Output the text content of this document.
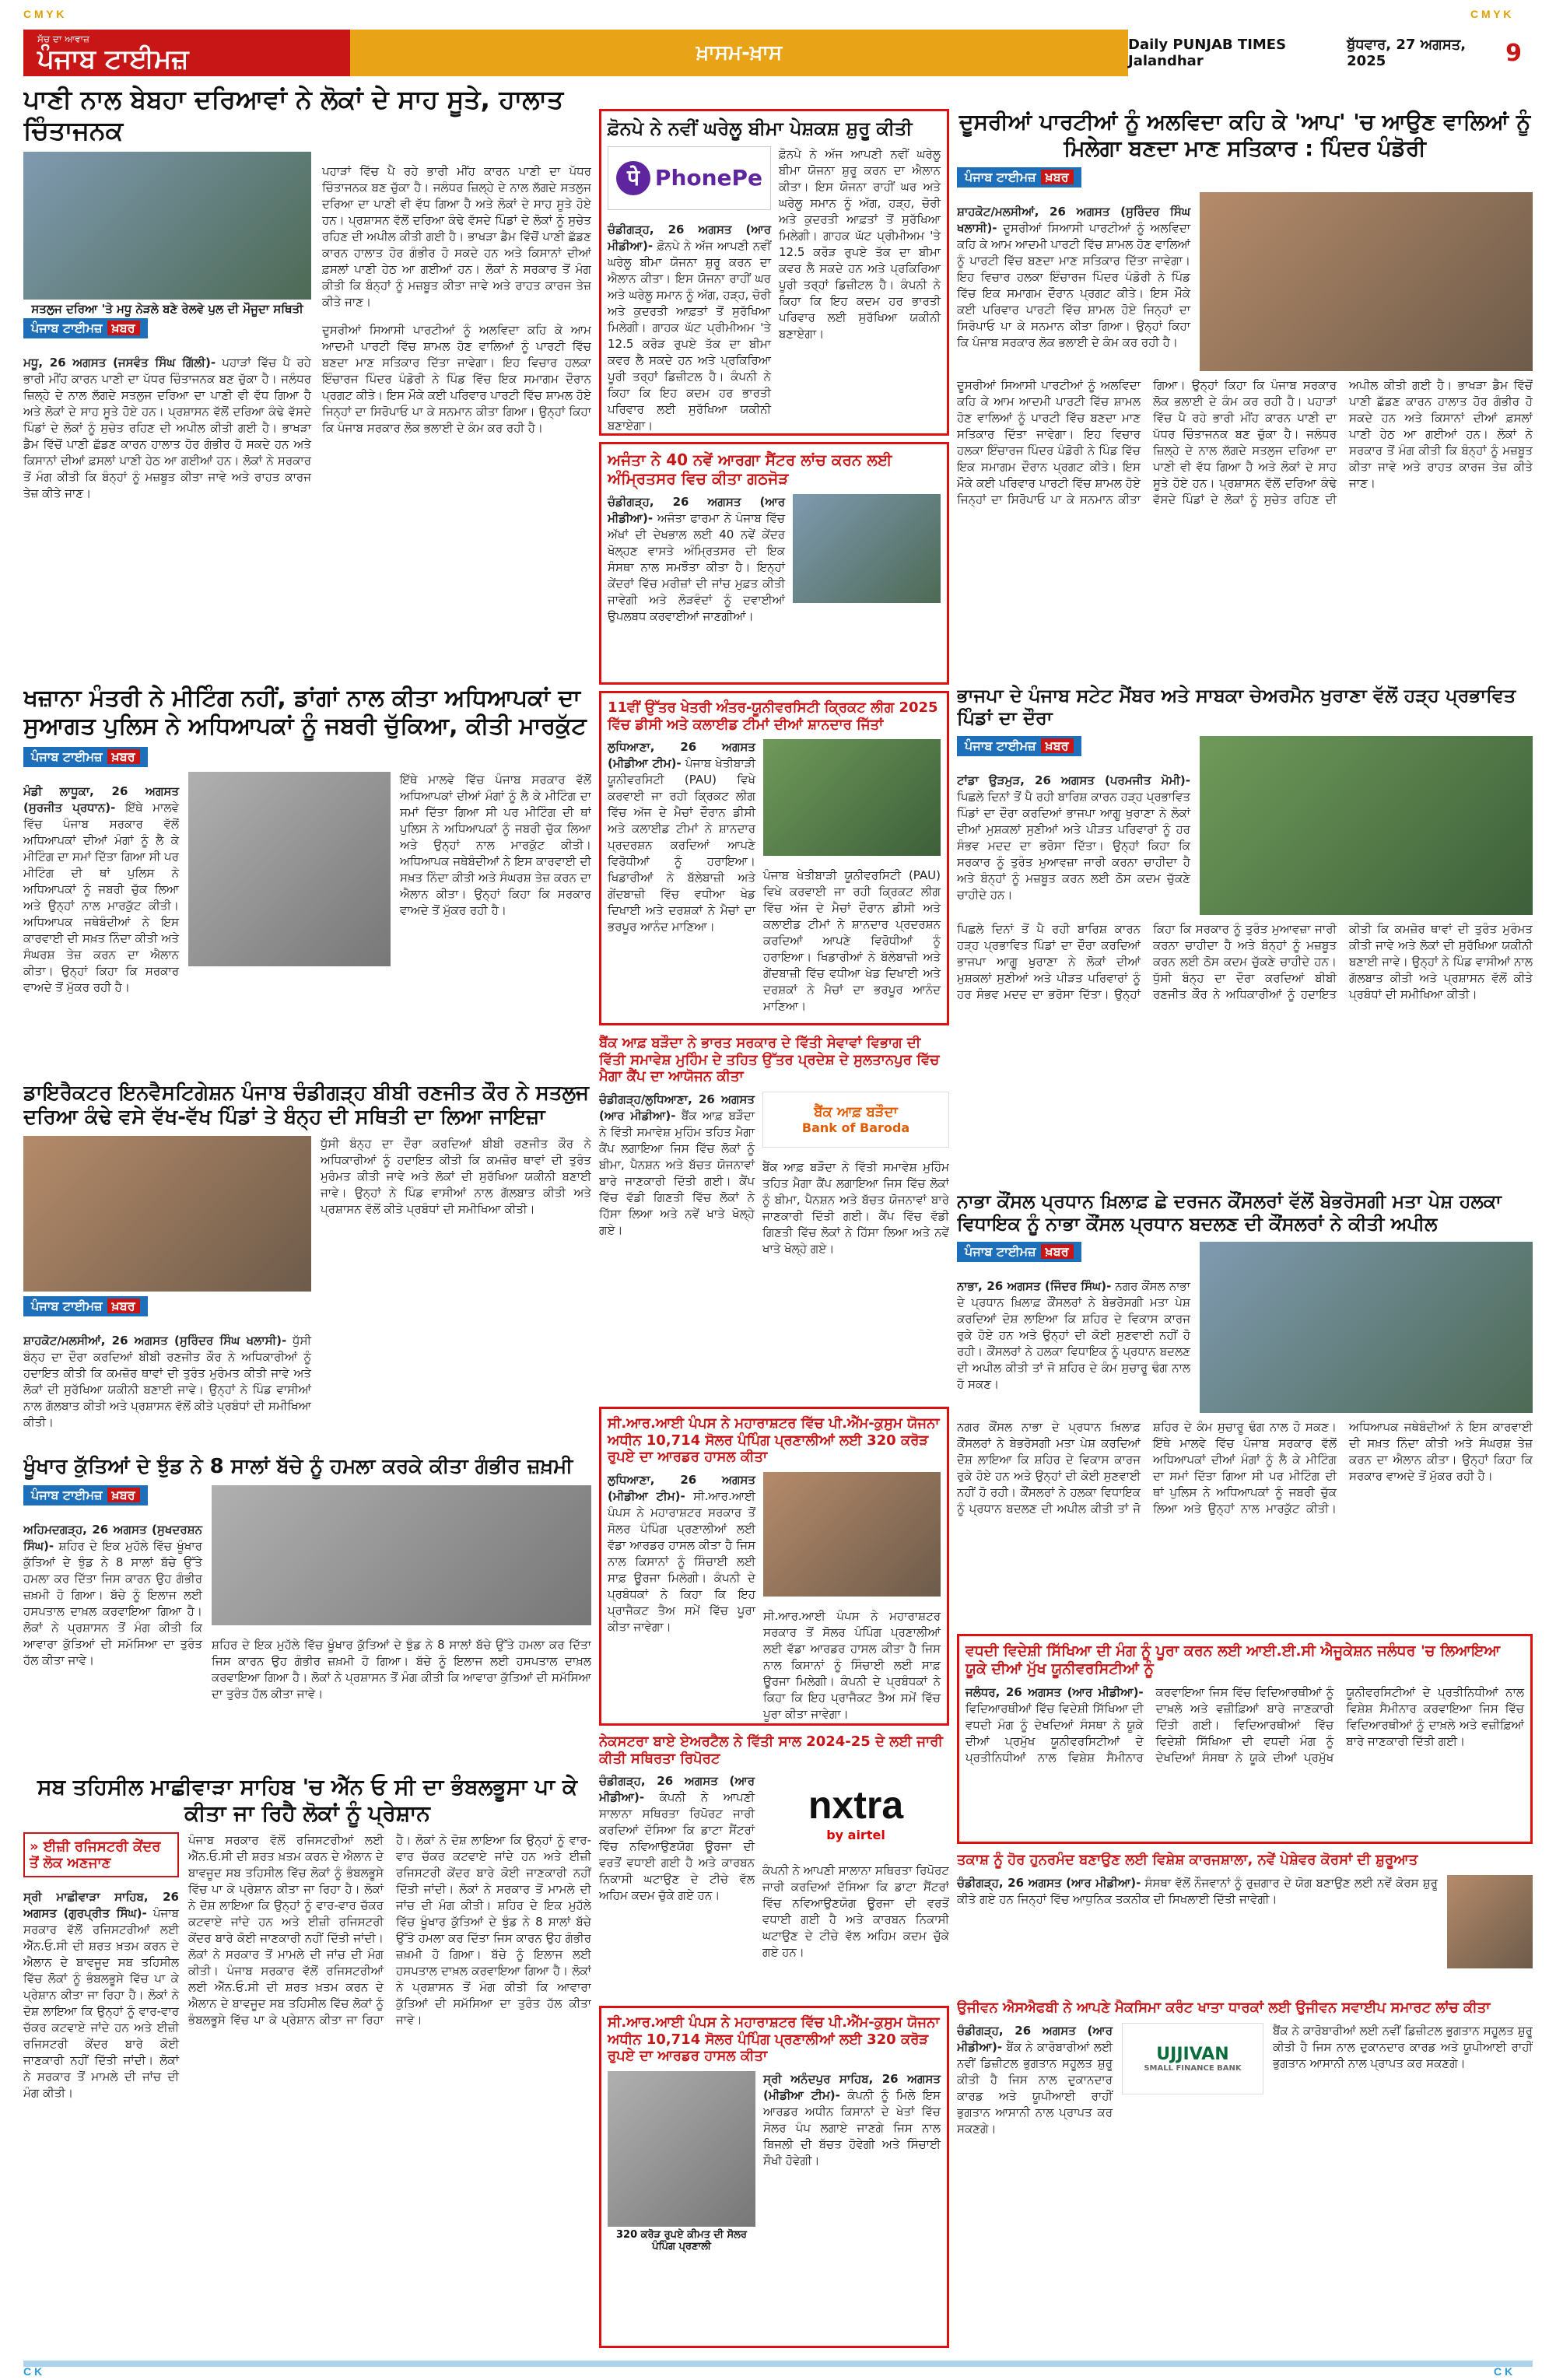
C M Y K	C M Y K
ਸੱਚ ਦਾ ਆਵਾਜ਼
ਪੰਜਾਬ ਟਾਈਮਜ਼	ਖ਼ਾਸਮ-ਖ਼ਾਸ	Daily PUNJAB TIMES Jalandhar

ਬੁੱਧਵਾਰ, 27 ਅਗਸਤ, 2025	9
ਪਾਣੀ ਨਾਲ ਬੇਬਹਾ ਦਰਿਆਵਾਂ ਨੇ ਲੋਕਾਂ ਦੇ ਸਾਹ ਸੂਤੇ, ਹਾਲਾਤ ਚਿੰਤਾਜਨਕ
ਸਤਲੁਜ ਦਰਿਆ 'ਤੇ ਮਧੂ ਨੇੜਲੇ ਬਣੇ ਰੇਲਵੇ ਪੁਲ ਦੀ ਮੌਜੂਦਾ ਸਥਿਤੀ
ਪੰਜਾਬ ਟਾਈਮਜ਼ ਖ਼ਬਰ

ਮਧੂ, 26 ਅਗਸਤ (ਜਸਵੰਤ ਸਿੰਘ ਗਿੱਲੀ)- ਪਹਾੜਾਂ ਵਿੱਚ ਪੈ ਰਹੇ ਭਾਰੀ ਮੀਂਹ ਕਾਰਨ ਪਾਣੀ ਦਾ ਪੱਧਰ ਚਿੰਤਾਜਨਕ ਬਣ ਚੁੱਕਾ ਹੈ। ਜਲੰਧਰ ਜ਼ਿਲ੍ਹੇ ਦੇ ਨਾਲ ਲੱਗਦੇ ਸਤਲੁਜ ਦਰਿਆ ਦਾ ਪਾਣੀ ਵੀ ਵੱਧ ਗਿਆ ਹੈ ਅਤੇ ਲੋਕਾਂ ਦੇ ਸਾਹ ਸੂਤੇ ਹੋਏ ਹਨ। ਪ੍ਰਸ਼ਾਸਨ ਵੱਲੋਂ ਦਰਿਆ ਕੰਢੇ ਵੱਸਦੇ ਪਿੰਡਾਂ ਦੇ ਲੋਕਾਂ ਨੂੰ ਸੁਚੇਤ ਰਹਿਣ ਦੀ ਅਪੀਲ ਕੀਤੀ ਗਈ ਹੈ। ਭਾਖੜਾ ਡੈਮ ਵਿੱਚੋਂ ਪਾਣੀ ਛੱਡਣ ਕਾਰਨ ਹਾਲਾਤ ਹੋਰ ਗੰਭੀਰ ਹੋ ਸਕਦੇ ਹਨ ਅਤੇ ਕਿਸਾਨਾਂ ਦੀਆਂ ਫ਼ਸਲਾਂ ਪਾਣੀ ਹੇਠ ਆ ਗਈਆਂ ਹਨ। ਲੋਕਾਂ ਨੇ ਸਰਕਾਰ ਤੋਂ ਮੰਗ ਕੀਤੀ ਕਿ ਬੰਨ੍ਹਾਂ ਨੂੰ ਮਜ਼ਬੂਤ ਕੀਤਾ ਜਾਵੇ ਅਤੇ ਰਾਹਤ ਕਾਰਜ ਤੇਜ਼ ਕੀਤੇ ਜਾਣ।

ਪਹਾੜਾਂ ਵਿੱਚ ਪੈ ਰਹੇ ਭਾਰੀ ਮੀਂਹ ਕਾਰਨ ਪਾਣੀ ਦਾ ਪੱਧਰ ਚਿੰਤਾਜਨਕ ਬਣ ਚੁੱਕਾ ਹੈ। ਜਲੰਧਰ ਜ਼ਿਲ੍ਹੇ ਦੇ ਨਾਲ ਲੱਗਦੇ ਸਤਲੁਜ ਦਰਿਆ ਦਾ ਪਾਣੀ ਵੀ ਵੱਧ ਗਿਆ ਹੈ ਅਤੇ ਲੋਕਾਂ ਦੇ ਸਾਹ ਸੂਤੇ ਹੋਏ ਹਨ। ਪ੍ਰਸ਼ਾਸਨ ਵੱਲੋਂ ਦਰਿਆ ਕੰਢੇ ਵੱਸਦੇ ਪਿੰਡਾਂ ਦੇ ਲੋਕਾਂ ਨੂੰ ਸੁਚੇਤ ਰਹਿਣ ਦੀ ਅਪੀਲ ਕੀਤੀ ਗਈ ਹੈ। ਭਾਖੜਾ ਡੈਮ ਵਿੱਚੋਂ ਪਾਣੀ ਛੱਡਣ ਕਾਰਨ ਹਾਲਾਤ ਹੋਰ ਗੰਭੀਰ ਹੋ ਸਕਦੇ ਹਨ ਅਤੇ ਕਿਸਾਨਾਂ ਦੀਆਂ ਫ਼ਸਲਾਂ ਪਾਣੀ ਹੇਠ ਆ ਗਈਆਂ ਹਨ। ਲੋਕਾਂ ਨੇ ਸਰਕਾਰ ਤੋਂ ਮੰਗ ਕੀਤੀ ਕਿ ਬੰਨ੍ਹਾਂ ਨੂੰ ਮਜ਼ਬੂਤ ਕੀਤਾ ਜਾਵੇ ਅਤੇ ਰਾਹਤ ਕਾਰਜ ਤੇਜ਼ ਕੀਤੇ ਜਾਣ।

ਦੂਸਰੀਆਂ ਸਿਆਸੀ ਪਾਰਟੀਆਂ ਨੂੰ ਅਲਵਿਦਾ ਕਹਿ ਕੇ ਆਮ ਆਦਮੀ ਪਾਰਟੀ ਵਿੱਚ ਸ਼ਾਮਲ ਹੋਣ ਵਾਲਿਆਂ ਨੂੰ ਪਾਰਟੀ ਵਿੱਚ ਬਣਦਾ ਮਾਣ ਸਤਿਕਾਰ ਦਿੱਤਾ ਜਾਵੇਗਾ। ਇਹ ਵਿਚਾਰ ਹਲਕਾ ਇੰਚਾਰਜ ਪਿੰਦਰ ਪੰਡੋਰੀ ਨੇ ਪਿੰਡ ਵਿੱਚ ਇਕ ਸਮਾਗਮ ਦੌਰਾਨ ਪ੍ਰਗਟ ਕੀਤੇ। ਇਸ ਮੌਕੇ ਕਈ ਪਰਿਵਾਰ ਪਾਰਟੀ ਵਿੱਚ ਸ਼ਾਮਲ ਹੋਏ ਜਿਨ੍ਹਾਂ ਦਾ ਸਿਰੋਪਾਓ ਪਾ ਕੇ ਸਨਮਾਨ ਕੀਤਾ ਗਿਆ। ਉਨ੍ਹਾਂ ਕਿਹਾ ਕਿ ਪੰਜਾਬ ਸਰਕਾਰ ਲੋਕ ਭਲਾਈ ਦੇ ਕੰਮ ਕਰ ਰਹੀ ਹੈ।

ਫ਼ੋਨਪੇ ਨੇ ਨਵੀਂ ਘਰੇਲੂ ਬੀਮਾ ਪੇਸ਼ਕਸ਼ ਸ਼ੁਰੂ ਕੀਤੀ
पे PhonePe

ਚੰਡੀਗੜ੍ਹ, 26 ਅਗਸਤ (ਆਰ ਮੀਡੀਆ)- ਫ਼ੋਨਪੇ ਨੇ ਅੱਜ ਆਪਣੀ ਨਵੀਂ ਘਰੇਲੂ ਬੀਮਾ ਯੋਜਨਾ ਸ਼ੁਰੂ ਕਰਨ ਦਾ ਐਲਾਨ ਕੀਤਾ। ਇਸ ਯੋਜਨਾ ਰਾਹੀਂ ਘਰ ਅਤੇ ਘਰੇਲੂ ਸਮਾਨ ਨੂੰ ਅੱਗ, ਹੜ੍ਹ, ਚੋਰੀ ਅਤੇ ਕੁਦਰਤੀ ਆਫ਼ਤਾਂ ਤੋਂ ਸੁਰੱਖਿਆ ਮਿਲੇਗੀ। ਗਾਹਕ ਘੱਟ ਪ੍ਰੀਮੀਅਮ 'ਤੇ 12.5 ਕਰੋੜ ਰੁਪਏ ਤੱਕ ਦਾ ਬੀਮਾ ਕਵਰ ਲੈ ਸਕਦੇ ਹਨ ਅਤੇ ਪ੍ਰਕਿਰਿਆ ਪੂਰੀ ਤਰ੍ਹਾਂ ਡਿਜ਼ੀਟਲ ਹੈ। ਕੰਪਨੀ ਨੇ ਕਿਹਾ ਕਿ ਇਹ ਕਦਮ ਹਰ ਭਾਰਤੀ ਪਰਿਵਾਰ ਲਈ ਸੁਰੱਖਿਆ ਯਕੀਨੀ ਬਣਾਏਗਾ।

ਫ਼ੋਨਪੇ ਨੇ ਅੱਜ ਆਪਣੀ ਨਵੀਂ ਘਰੇਲੂ ਬੀਮਾ ਯੋਜਨਾ ਸ਼ੁਰੂ ਕਰਨ ਦਾ ਐਲਾਨ ਕੀਤਾ। ਇਸ ਯੋਜਨਾ ਰਾਹੀਂ ਘਰ ਅਤੇ ਘਰੇਲੂ ਸਮਾਨ ਨੂੰ ਅੱਗ, ਹੜ੍ਹ, ਚੋਰੀ ਅਤੇ ਕੁਦਰਤੀ ਆਫ਼ਤਾਂ ਤੋਂ ਸੁਰੱਖਿਆ ਮਿਲੇਗੀ। ਗਾਹਕ ਘੱਟ ਪ੍ਰੀਮੀਅਮ 'ਤੇ 12.5 ਕਰੋੜ ਰੁਪਏ ਤੱਕ ਦਾ ਬੀਮਾ ਕਵਰ ਲੈ ਸਕਦੇ ਹਨ ਅਤੇ ਪ੍ਰਕਿਰਿਆ ਪੂਰੀ ਤਰ੍ਹਾਂ ਡਿਜ਼ੀਟਲ ਹੈ। ਕੰਪਨੀ ਨੇ ਕਿਹਾ ਕਿ ਇਹ ਕਦਮ ਹਰ ਭਾਰਤੀ ਪਰਿਵਾਰ ਲਈ ਸੁਰੱਖਿਆ ਯਕੀਨੀ ਬਣਾਏਗਾ।

ਦੂਸਰੀਆਂ ਪਾਰਟੀਆਂ ਨੂੰ ਅਲਵਿਦਾ ਕਹਿ ਕੇ 'ਆਪ' 'ਚ ਆਉਣ ਵਾਲਿਆਂ ਨੂੰ ਮਿਲੇਗਾ ਬਣਦਾ ਮਾਣ ਸਤਿਕਾਰ : ਪਿੰਦਰ ਪੰਡੋਰੀ
ਪੰਜਾਬ ਟਾਈਮਜ਼ ਖ਼ਬਰ

ਸ਼ਾਹਕੋਟ/ਮਲਸੀਆਂ, 26 ਅਗਸਤ (ਸੁਰਿੰਦਰ ਸਿੰਘ ਖਲਾਸੀ)- ਦੂਸਰੀਆਂ ਸਿਆਸੀ ਪਾਰਟੀਆਂ ਨੂੰ ਅਲਵਿਦਾ ਕਹਿ ਕੇ ਆਮ ਆਦਮੀ ਪਾਰਟੀ ਵਿੱਚ ਸ਼ਾਮਲ ਹੋਣ ਵਾਲਿਆਂ ਨੂੰ ਪਾਰਟੀ ਵਿੱਚ ਬਣਦਾ ਮਾਣ ਸਤਿਕਾਰ ਦਿੱਤਾ ਜਾਵੇਗਾ। ਇਹ ਵਿਚਾਰ ਹਲਕਾ ਇੰਚਾਰਜ ਪਿੰਦਰ ਪੰਡੋਰੀ ਨੇ ਪਿੰਡ ਵਿੱਚ ਇਕ ਸਮਾਗਮ ਦੌਰਾਨ ਪ੍ਰਗਟ ਕੀਤੇ। ਇਸ ਮੌਕੇ ਕਈ ਪਰਿਵਾਰ ਪਾਰਟੀ ਵਿੱਚ ਸ਼ਾਮਲ ਹੋਏ ਜਿਨ੍ਹਾਂ ਦਾ ਸਿਰੋਪਾਓ ਪਾ ਕੇ ਸਨਮਾਨ ਕੀਤਾ ਗਿਆ। ਉਨ੍ਹਾਂ ਕਿਹਾ ਕਿ ਪੰਜਾਬ ਸਰਕਾਰ ਲੋਕ ਭਲਾਈ ਦੇ ਕੰਮ ਕਰ ਰਹੀ ਹੈ।

ਦੂਸਰੀਆਂ ਸਿਆਸੀ ਪਾਰਟੀਆਂ ਨੂੰ ਅਲਵਿਦਾ ਕਹਿ ਕੇ ਆਮ ਆਦਮੀ ਪਾਰਟੀ ਵਿੱਚ ਸ਼ਾਮਲ ਹੋਣ ਵਾਲਿਆਂ ਨੂੰ ਪਾਰਟੀ ਵਿੱਚ ਬਣਦਾ ਮਾਣ ਸਤਿਕਾਰ ਦਿੱਤਾ ਜਾਵੇਗਾ। ਇਹ ਵਿਚਾਰ ਹਲਕਾ ਇੰਚਾਰਜ ਪਿੰਦਰ ਪੰਡੋਰੀ ਨੇ ਪਿੰਡ ਵਿੱਚ ਇਕ ਸਮਾਗਮ ਦੌਰਾਨ ਪ੍ਰਗਟ ਕੀਤੇ। ਇਸ ਮੌਕੇ ਕਈ ਪਰਿਵਾਰ ਪਾਰਟੀ ਵਿੱਚ ਸ਼ਾਮਲ ਹੋਏ ਜਿਨ੍ਹਾਂ ਦਾ ਸਿਰੋਪਾਓ ਪਾ ਕੇ ਸਨਮਾਨ ਕੀਤਾ ਗਿਆ। ਉਨ੍ਹਾਂ ਕਿਹਾ ਕਿ ਪੰਜਾਬ ਸਰਕਾਰ ਲੋਕ ਭਲਾਈ ਦੇ ਕੰਮ ਕਰ ਰਹੀ ਹੈ। ਪਹਾੜਾਂ ਵਿੱਚ ਪੈ ਰਹੇ ਭਾਰੀ ਮੀਂਹ ਕਾਰਨ ਪਾਣੀ ਦਾ ਪੱਧਰ ਚਿੰਤਾਜਨਕ ਬਣ ਚੁੱਕਾ ਹੈ। ਜਲੰਧਰ ਜ਼ਿਲ੍ਹੇ ਦੇ ਨਾਲ ਲੱਗਦੇ ਸਤਲੁਜ ਦਰਿਆ ਦਾ ਪਾਣੀ ਵੀ ਵੱਧ ਗਿਆ ਹੈ ਅਤੇ ਲੋਕਾਂ ਦੇ ਸਾਹ ਸੂਤੇ ਹੋਏ ਹਨ। ਪ੍ਰਸ਼ਾਸਨ ਵੱਲੋਂ ਦਰਿਆ ਕੰਢੇ ਵੱਸਦੇ ਪਿੰਡਾਂ ਦੇ ਲੋਕਾਂ ਨੂੰ ਸੁਚੇਤ ਰਹਿਣ ਦੀ ਅਪੀਲ ਕੀਤੀ ਗਈ ਹੈ। ਭਾਖੜਾ ਡੈਮ ਵਿੱਚੋਂ ਪਾਣੀ ਛੱਡਣ ਕਾਰਨ ਹਾਲਾਤ ਹੋਰ ਗੰਭੀਰ ਹੋ ਸਕਦੇ ਹਨ ਅਤੇ ਕਿਸਾਨਾਂ ਦੀਆਂ ਫ਼ਸਲਾਂ ਪਾਣੀ ਹੇਠ ਆ ਗਈਆਂ ਹਨ। ਲੋਕਾਂ ਨੇ ਸਰਕਾਰ ਤੋਂ ਮੰਗ ਕੀਤੀ ਕਿ ਬੰਨ੍ਹਾਂ ਨੂੰ ਮਜ਼ਬੂਤ ਕੀਤਾ ਜਾਵੇ ਅਤੇ ਰਾਹਤ ਕਾਰਜ ਤੇਜ਼ ਕੀਤੇ ਜਾਣ।
ਅਜੰਤਾ ਨੇ 40 ਨਵੇਂ ਆਰਗਾ ਸੈਂਟਰ ਲਾਂਚ ਕਰਨ ਲਈ ਅੰਮ੍ਰਿਤਸਰ ਵਿਚ ਕੀਤਾ ਗਠਜੋੜ

ਚੰਡੀਗੜ੍ਹ, 26 ਅਗਸਤ (ਆਰ ਮੀਡੀਆ)- ਅਜੰਤਾ ਫਾਰਮਾ ਨੇ ਪੰਜਾਬ ਵਿੱਚ ਅੱਖਾਂ ਦੀ ਦੇਖਭਾਲ ਲਈ 40 ਨਵੇਂ ਕੇਂਦਰ ਖੋਲ੍ਹਣ ਵਾਸਤੇ ਅੰਮ੍ਰਿਤਸਰ ਦੀ ਇਕ ਸੰਸਥਾ ਨਾਲ ਸਮਝੌਤਾ ਕੀਤਾ ਹੈ। ਇਨ੍ਹਾਂ ਕੇਂਦਰਾਂ ਵਿੱਚ ਮਰੀਜ਼ਾਂ ਦੀ ਜਾਂਚ ਮੁਫ਼ਤ ਕੀਤੀ ਜਾਵੇਗੀ ਅਤੇ ਲੋੜਵੰਦਾਂ ਨੂੰ ਦਵਾਈਆਂ ਉਪਲਬਧ ਕਰਵਾਈਆਂ ਜਾਣਗੀਆਂ।

ਖਜ਼ਾਨਾ ਮੰਤਰੀ ਨੇ ਮੀਟਿੰਗ ਨਹੀਂ, ਡਾਂਗਾਂ ਨਾਲ ਕੀਤਾ ਅਧਿਆਪਕਾਂ ਦਾ ਸੁਆਗਤ ਪੁਲਿਸ ਨੇ ਅਧਿਆਪਕਾਂ ਨੂੰ ਜਬਰੀ ਚੁੱਕਿਆ, ਕੀਤੀ ਮਾਰਕੁੱਟ
ਪੰਜਾਬ ਟਾਈਮਜ਼ ਖ਼ਬਰ

ਮੰਡੀ ਲਾਧੂਕਾ, 26 ਅਗਸਤ (ਸੁਰਜੀਤ ਪ੍ਰਧਾਨ)- ਇੱਥੇ ਮਾਲਵੇ ਵਿੱਚ ਪੰਜਾਬ ਸਰਕਾਰ ਵੱਲੋਂ ਅਧਿਆਪਕਾਂ ਦੀਆਂ ਮੰਗਾਂ ਨੂੰ ਲੈ ਕੇ ਮੀਟਿੰਗ ਦਾ ਸਮਾਂ ਦਿੱਤਾ ਗਿਆ ਸੀ ਪਰ ਮੀਟਿੰਗ ਦੀ ਥਾਂ ਪੁਲਿਸ ਨੇ ਅਧਿਆਪਕਾਂ ਨੂੰ ਜਬਰੀ ਚੁੱਕ ਲਿਆ ਅਤੇ ਉਨ੍ਹਾਂ ਨਾਲ ਮਾਰਕੁੱਟ ਕੀਤੀ। ਅਧਿਆਪਕ ਜਥੇਬੰਦੀਆਂ ਨੇ ਇਸ ਕਾਰਵਾਈ ਦੀ ਸਖ਼ਤ ਨਿੰਦਾ ਕੀਤੀ ਅਤੇ ਸੰਘਰਸ਼ ਤੇਜ਼ ਕਰਨ ਦਾ ਐਲਾਨ ਕੀਤਾ। ਉਨ੍ਹਾਂ ਕਿਹਾ ਕਿ ਸਰਕਾਰ ਵਾਅਦੇ ਤੋਂ ਮੁੱਕਰ ਰਹੀ ਹੈ।

ਇੱਥੇ ਮਾਲਵੇ ਵਿੱਚ ਪੰਜਾਬ ਸਰਕਾਰ ਵੱਲੋਂ ਅਧਿਆਪਕਾਂ ਦੀਆਂ ਮੰਗਾਂ ਨੂੰ ਲੈ ਕੇ ਮੀਟਿੰਗ ਦਾ ਸਮਾਂ ਦਿੱਤਾ ਗਿਆ ਸੀ ਪਰ ਮੀਟਿੰਗ ਦੀ ਥਾਂ ਪੁਲਿਸ ਨੇ ਅਧਿਆਪਕਾਂ ਨੂੰ ਜਬਰੀ ਚੁੱਕ ਲਿਆ ਅਤੇ ਉਨ੍ਹਾਂ ਨਾਲ ਮਾਰਕੁੱਟ ਕੀਤੀ। ਅਧਿਆਪਕ ਜਥੇਬੰਦੀਆਂ ਨੇ ਇਸ ਕਾਰਵਾਈ ਦੀ ਸਖ਼ਤ ਨਿੰਦਾ ਕੀਤੀ ਅਤੇ ਸੰਘਰਸ਼ ਤੇਜ਼ ਕਰਨ ਦਾ ਐਲਾਨ ਕੀਤਾ। ਉਨ੍ਹਾਂ ਕਿਹਾ ਕਿ ਸਰਕਾਰ ਵਾਅਦੇ ਤੋਂ ਮੁੱਕਰ ਰਹੀ ਹੈ।

11ਵੀਂ ਉੱਤਰ ਖੇਤਰੀ ਅੰਤਰ-ਯੂਨੀਵਰਸਿਟੀ ਕ੍ਰਿਕਟ ਲੀਗ 2025 ਵਿੱਚ ਡੀਸੀ ਅਤੇ ਕਲਾਈਡ ਟੀਮਾਂ ਦੀਆਂ ਸ਼ਾਨਦਾਰ ਜਿੱਤਾਂ

ਲੁਧਿਆਣਾ, 26 ਅਗਸਤ (ਮੀਡੀਆ ਟੀਮ)- ਪੰਜਾਬ ਖੇਤੀਬਾੜੀ ਯੂਨੀਵਰਸਿਟੀ (PAU) ਵਿਖੇ ਕਰਵਾਈ ਜਾ ਰਹੀ ਕ੍ਰਿਕਟ ਲੀਗ ਵਿੱਚ ਅੱਜ ਦੇ ਮੈਚਾਂ ਦੌਰਾਨ ਡੀਸੀ ਅਤੇ ਕਲਾਈਡ ਟੀਮਾਂ ਨੇ ਸ਼ਾਨਦਾਰ ਪ੍ਰਦਰਸ਼ਨ ਕਰਦਿਆਂ ਆਪਣੇ ਵਿਰੋਧੀਆਂ ਨੂੰ ਹਰਾਇਆ। ਖਿਡਾਰੀਆਂ ਨੇ ਬੱਲੇਬਾਜ਼ੀ ਅਤੇ ਗੇਂਦਬਾਜ਼ੀ ਵਿੱਚ ਵਧੀਆ ਖੇਡ ਦਿਖਾਈ ਅਤੇ ਦਰਸ਼ਕਾਂ ਨੇ ਮੈਚਾਂ ਦਾ ਭਰਪੂਰ ਆਨੰਦ ਮਾਣਿਆ।

ਪੰਜਾਬ ਖੇਤੀਬਾੜੀ ਯੂਨੀਵਰਸਿਟੀ (PAU) ਵਿਖੇ ਕਰਵਾਈ ਜਾ ਰਹੀ ਕ੍ਰਿਕਟ ਲੀਗ ਵਿੱਚ ਅੱਜ ਦੇ ਮੈਚਾਂ ਦੌਰਾਨ ਡੀਸੀ ਅਤੇ ਕਲਾਈਡ ਟੀਮਾਂ ਨੇ ਸ਼ਾਨਦਾਰ ਪ੍ਰਦਰਸ਼ਨ ਕਰਦਿਆਂ ਆਪਣੇ ਵਿਰੋਧੀਆਂ ਨੂੰ ਹਰਾਇਆ। ਖਿਡਾਰੀਆਂ ਨੇ ਬੱਲੇਬਾਜ਼ੀ ਅਤੇ ਗੇਂਦਬਾਜ਼ੀ ਵਿੱਚ ਵਧੀਆ ਖੇਡ ਦਿਖਾਈ ਅਤੇ ਦਰਸ਼ਕਾਂ ਨੇ ਮੈਚਾਂ ਦਾ ਭਰਪੂਰ ਆਨੰਦ ਮਾਣਿਆ।

ਭਾਜਪਾ ਦੇ ਪੰਜਾਬ ਸਟੇਟ ਮੈਂਬਰ ਅਤੇ ਸਾਬਕਾ ਚੇਅਰਮੈਨ ਖੁਰਾਣਾ ਵੱਲੋਂ ਹੜ੍ਹ ਪ੍ਰਭਾਵਿਤ ਪਿੰਡਾਂ ਦਾ ਦੌਰਾ
ਪੰਜਾਬ ਟਾਈਮਜ਼ ਖ਼ਬਰ

ਟਾਂਡਾ ਉੜਮੁੜ, 26 ਅਗਸਤ (ਪਰਮਜੀਤ ਮੋਮੀ)- ਪਿਛਲੇ ਦਿਨਾਂ ਤੋਂ ਪੈ ਰਹੀ ਬਾਰਿਸ਼ ਕਾਰਨ ਹੜ੍ਹ ਪ੍ਰਭਾਵਿਤ ਪਿੰਡਾਂ ਦਾ ਦੌਰਾ ਕਰਦਿਆਂ ਭਾਜਪਾ ਆਗੂ ਖੁਰਾਣਾ ਨੇ ਲੋਕਾਂ ਦੀਆਂ ਮੁਸ਼ਕਲਾਂ ਸੁਣੀਆਂ ਅਤੇ ਪੀੜਤ ਪਰਿਵਾਰਾਂ ਨੂੰ ਹਰ ਸੰਭਵ ਮਦਦ ਦਾ ਭਰੋਸਾ ਦਿੱਤਾ। ਉਨ੍ਹਾਂ ਕਿਹਾ ਕਿ ਸਰਕਾਰ ਨੂੰ ਤੁਰੰਤ ਮੁਆਵਜ਼ਾ ਜਾਰੀ ਕਰਨਾ ਚਾਹੀਦਾ ਹੈ ਅਤੇ ਬੰਨ੍ਹਾਂ ਨੂੰ ਮਜ਼ਬੂਤ ਕਰਨ ਲਈ ਠੋਸ ਕਦਮ ਚੁੱਕਣੇ ਚਾਹੀਦੇ ਹਨ।

ਪਿਛਲੇ ਦਿਨਾਂ ਤੋਂ ਪੈ ਰਹੀ ਬਾਰਿਸ਼ ਕਾਰਨ ਹੜ੍ਹ ਪ੍ਰਭਾਵਿਤ ਪਿੰਡਾਂ ਦਾ ਦੌਰਾ ਕਰਦਿਆਂ ਭਾਜਪਾ ਆਗੂ ਖੁਰਾਣਾ ਨੇ ਲੋਕਾਂ ਦੀਆਂ ਮੁਸ਼ਕਲਾਂ ਸੁਣੀਆਂ ਅਤੇ ਪੀੜਤ ਪਰਿਵਾਰਾਂ ਨੂੰ ਹਰ ਸੰਭਵ ਮਦਦ ਦਾ ਭਰੋਸਾ ਦਿੱਤਾ। ਉਨ੍ਹਾਂ ਕਿਹਾ ਕਿ ਸਰਕਾਰ ਨੂੰ ਤੁਰੰਤ ਮੁਆਵਜ਼ਾ ਜਾਰੀ ਕਰਨਾ ਚਾਹੀਦਾ ਹੈ ਅਤੇ ਬੰਨ੍ਹਾਂ ਨੂੰ ਮਜ਼ਬੂਤ ਕਰਨ ਲਈ ਠੋਸ ਕਦਮ ਚੁੱਕਣੇ ਚਾਹੀਦੇ ਹਨ। ਧੁੱਸੀ ਬੰਨ੍ਹ ਦਾ ਦੌਰਾ ਕਰਦਿਆਂ ਬੀਬੀ ਰਣਜੀਤ ਕੌਰ ਨੇ ਅਧਿਕਾਰੀਆਂ ਨੂੰ ਹਦਾਇਤ ਕੀਤੀ ਕਿ ਕਮਜ਼ੋਰ ਥਾਵਾਂ ਦੀ ਤੁਰੰਤ ਮੁਰੰਮਤ ਕੀਤੀ ਜਾਵੇ ਅਤੇ ਲੋਕਾਂ ਦੀ ਸੁਰੱਖਿਆ ਯਕੀਨੀ ਬਣਾਈ ਜਾਵੇ। ਉਨ੍ਹਾਂ ਨੇ ਪਿੰਡ ਵਾਸੀਆਂ ਨਾਲ ਗੱਲਬਾਤ ਕੀਤੀ ਅਤੇ ਪ੍ਰਸ਼ਾਸਨ ਵੱਲੋਂ ਕੀਤੇ ਪ੍ਰਬੰਧਾਂ ਦੀ ਸਮੀਖਿਆ ਕੀਤੀ।
ਡਾਇਰੈਕਟਰ ਇਨਵੈਸਟਿਗੇਸ਼ਨ ਪੰਜਾਬ ਚੰਡੀਗੜ੍ਹ ਬੀਬੀ ਰਣਜੀਤ ਕੌਰ ਨੇ ਸਤਲੁਜ ਦਰਿਆ ਕੰਢੇ ਵਸੇ ਵੱਖ-ਵੱਖ ਪਿੰਡਾਂ ਤੇ ਬੰਨ੍ਹ ਦੀ ਸਥਿਤੀ ਦਾ ਲਿਆ ਜਾਇਜ਼ਾ
ਪੰਜਾਬ ਟਾਈਮਜ਼ ਖ਼ਬਰ

ਸ਼ਾਹਕੋਟ/ਮਲਸੀਆਂ, 26 ਅਗਸਤ (ਸੁਰਿੰਦਰ ਸਿੰਘ ਖਲਾਸੀ)- ਧੁੱਸੀ ਬੰਨ੍ਹ ਦਾ ਦੌਰਾ ਕਰਦਿਆਂ ਬੀਬੀ ਰਣਜੀਤ ਕੌਰ ਨੇ ਅਧਿਕਾਰੀਆਂ ਨੂੰ ਹਦਾਇਤ ਕੀਤੀ ਕਿ ਕਮਜ਼ੋਰ ਥਾਵਾਂ ਦੀ ਤੁਰੰਤ ਮੁਰੰਮਤ ਕੀਤੀ ਜਾਵੇ ਅਤੇ ਲੋਕਾਂ ਦੀ ਸੁਰੱਖਿਆ ਯਕੀਨੀ ਬਣਾਈ ਜਾਵੇ। ਉਨ੍ਹਾਂ ਨੇ ਪਿੰਡ ਵਾਸੀਆਂ ਨਾਲ ਗੱਲਬਾਤ ਕੀਤੀ ਅਤੇ ਪ੍ਰਸ਼ਾਸਨ ਵੱਲੋਂ ਕੀਤੇ ਪ੍ਰਬੰਧਾਂ ਦੀ ਸਮੀਖਿਆ ਕੀਤੀ।

ਧੁੱਸੀ ਬੰਨ੍ਹ ਦਾ ਦੌਰਾ ਕਰਦਿਆਂ ਬੀਬੀ ਰਣਜੀਤ ਕੌਰ ਨੇ ਅਧਿਕਾਰੀਆਂ ਨੂੰ ਹਦਾਇਤ ਕੀਤੀ ਕਿ ਕਮਜ਼ੋਰ ਥਾਵਾਂ ਦੀ ਤੁਰੰਤ ਮੁਰੰਮਤ ਕੀਤੀ ਜਾਵੇ ਅਤੇ ਲੋਕਾਂ ਦੀ ਸੁਰੱਖਿਆ ਯਕੀਨੀ ਬਣਾਈ ਜਾਵੇ। ਉਨ੍ਹਾਂ ਨੇ ਪਿੰਡ ਵਾਸੀਆਂ ਨਾਲ ਗੱਲਬਾਤ ਕੀਤੀ ਅਤੇ ਪ੍ਰਸ਼ਾਸਨ ਵੱਲੋਂ ਕੀਤੇ ਪ੍ਰਬੰਧਾਂ ਦੀ ਸਮੀਖਿਆ ਕੀਤੀ।

ਬੈਂਕ ਆਫ਼ ਬੜੌਦਾ ਨੇ ਭਾਰਤ ਸਰਕਾਰ ਦੇ ਵਿੱਤੀ ਸੇਵਾਵਾਂ ਵਿਭਾਗ ਦੀ ਵਿੱਤੀ ਸਮਾਵੇਸ਼ ਮੁਹਿੰਮ ਦੇ ਤਹਿਤ ਉੱਤਰ ਪ੍ਰਦੇਸ਼ ਦੇ ਸੁਲਤਾਨਪੁਰ ਵਿੱਚ ਮੈਗਾ ਕੈਂਪ ਦਾ ਆਯੋਜਨ ਕੀਤਾ

ਚੰਡੀਗੜ੍ਹ/ਲੁਧਿਆਣਾ, 26 ਅਗਸਤ (ਆਰ ਮੀਡੀਆ)- ਬੈਂਕ ਆਫ਼ ਬੜੌਦਾ ਨੇ ਵਿੱਤੀ ਸਮਾਵੇਸ਼ ਮੁਹਿੰਮ ਤਹਿਤ ਮੈਗਾ ਕੈਂਪ ਲਗਾਇਆ ਜਿਸ ਵਿੱਚ ਲੋਕਾਂ ਨੂੰ ਬੀਮਾ, ਪੈਨਸ਼ਨ ਅਤੇ ਬੱਚਤ ਯੋਜਨਾਵਾਂ ਬਾਰੇ ਜਾਣਕਾਰੀ ਦਿੱਤੀ ਗਈ। ਕੈਂਪ ਵਿੱਚ ਵੱਡੀ ਗਿਣਤੀ ਵਿੱਚ ਲੋਕਾਂ ਨੇ ਹਿੱਸਾ ਲਿਆ ਅਤੇ ਨਵੇਂ ਖਾਤੇ ਖੋਲ੍ਹੇ ਗਏ।

ਬੈਂਕ ਆਫ਼ ਬੜੌਦਾ
Bank of Baroda

ਬੈਂਕ ਆਫ਼ ਬੜੌਦਾ ਨੇ ਵਿੱਤੀ ਸਮਾਵੇਸ਼ ਮੁਹਿੰਮ ਤਹਿਤ ਮੈਗਾ ਕੈਂਪ ਲਗਾਇਆ ਜਿਸ ਵਿੱਚ ਲੋਕਾਂ ਨੂੰ ਬੀਮਾ, ਪੈਨਸ਼ਨ ਅਤੇ ਬੱਚਤ ਯੋਜਨਾਵਾਂ ਬਾਰੇ ਜਾਣਕਾਰੀ ਦਿੱਤੀ ਗਈ। ਕੈਂਪ ਵਿੱਚ ਵੱਡੀ ਗਿਣਤੀ ਵਿੱਚ ਲੋਕਾਂ ਨੇ ਹਿੱਸਾ ਲਿਆ ਅਤੇ ਨਵੇਂ ਖਾਤੇ ਖੋਲ੍ਹੇ ਗਏ।

ਸੀ.ਆਰ.ਆਈ ਪੰਪਸ ਨੇ ਮਹਾਰਾਸ਼ਟਰ ਵਿੱਚ ਪੀ.ਐੱਮ-ਕੁਸੁਮ ਯੋਜਨਾ ਅਧੀਨ 10,714 ਸੋਲਰ ਪੰਪਿੰਗ ਪ੍ਰਣਾਲੀਆਂ ਲਈ 320 ਕਰੋੜ ਰੁਪਏ ਦਾ ਆਰਡਰ ਹਾਸਲ ਕੀਤਾ

ਲੁਧਿਆਣਾ, 26 ਅਗਸਤ (ਮੀਡੀਆ ਟੀਮ)- ਸੀ.ਆਰ.ਆਈ ਪੰਪਸ ਨੇ ਮਹਾਰਾਸ਼ਟਰ ਸਰਕਾਰ ਤੋਂ ਸੋਲਰ ਪੰਪਿੰਗ ਪ੍ਰਣਾਲੀਆਂ ਲਈ ਵੱਡਾ ਆਰਡਰ ਹਾਸਲ ਕੀਤਾ ਹੈ ਜਿਸ ਨਾਲ ਕਿਸਾਨਾਂ ਨੂੰ ਸਿੰਚਾਈ ਲਈ ਸਾਫ਼ ਊਰਜਾ ਮਿਲੇਗੀ। ਕੰਪਨੀ ਦੇ ਪ੍ਰਬੰਧਕਾਂ ਨੇ ਕਿਹਾ ਕਿ ਇਹ ਪ੍ਰਾਜੈਕਟ ਤੈਅ ਸਮੇਂ ਵਿੱਚ ਪੂਰਾ ਕੀਤਾ ਜਾਵੇਗਾ।

ਸੀ.ਆਰ.ਆਈ ਪੰਪਸ ਨੇ ਮਹਾਰਾਸ਼ਟਰ ਸਰਕਾਰ ਤੋਂ ਸੋਲਰ ਪੰਪਿੰਗ ਪ੍ਰਣਾਲੀਆਂ ਲਈ ਵੱਡਾ ਆਰਡਰ ਹਾਸਲ ਕੀਤਾ ਹੈ ਜਿਸ ਨਾਲ ਕਿਸਾਨਾਂ ਨੂੰ ਸਿੰਚਾਈ ਲਈ ਸਾਫ਼ ਊਰਜਾ ਮਿਲੇਗੀ। ਕੰਪਨੀ ਦੇ ਪ੍ਰਬੰਧਕਾਂ ਨੇ ਕਿਹਾ ਕਿ ਇਹ ਪ੍ਰਾਜੈਕਟ ਤੈਅ ਸਮੇਂ ਵਿੱਚ ਪੂਰਾ ਕੀਤਾ ਜਾਵੇਗਾ।

ਨਾਭਾ ਕੌਂਸਲ ਪ੍ਰਧਾਨ ਖ਼ਿਲਾਫ਼ ਛੇ ਦਰਜਨ ਕੌਂਸਲਰਾਂ ਵੱਲੋਂ ਬੇਭਰੋਸਗੀ ਮਤਾ ਪੇਸ਼ ਹਲਕਾ ਵਿਧਾਇਕ ਨੂੰ ਨਾਭਾ ਕੌਂਸਲ ਪ੍ਰਧਾਨ ਬਦਲਣ ਦੀ ਕੌਂਸਲਰਾਂ ਨੇ ਕੀਤੀ ਅਪੀਲ
ਪੰਜਾਬ ਟਾਈਮਜ਼ ਖ਼ਬਰ

ਨਾਭਾ, 26 ਅਗਸਤ (ਜਿੰਦਰ ਸਿੰਘ)- ਨਗਰ ਕੌਂਸਲ ਨਾਭਾ ਦੇ ਪ੍ਰਧਾਨ ਖ਼ਿਲਾਫ਼ ਕੌਂਸਲਰਾਂ ਨੇ ਬੇਭਰੋਸਗੀ ਮਤਾ ਪੇਸ਼ ਕਰਦਿਆਂ ਦੋਸ਼ ਲਾਇਆ ਕਿ ਸ਼ਹਿਰ ਦੇ ਵਿਕਾਸ ਕਾਰਜ ਰੁਕੇ ਹੋਏ ਹਨ ਅਤੇ ਉਨ੍ਹਾਂ ਦੀ ਕੋਈ ਸੁਣਵਾਈ ਨਹੀਂ ਹੋ ਰਹੀ। ਕੌਂਸਲਰਾਂ ਨੇ ਹਲਕਾ ਵਿਧਾਇਕ ਨੂੰ ਪ੍ਰਧਾਨ ਬਦਲਣ ਦੀ ਅਪੀਲ ਕੀਤੀ ਤਾਂ ਜੋ ਸ਼ਹਿਰ ਦੇ ਕੰਮ ਸੁਚਾਰੂ ਢੰਗ ਨਾਲ ਹੋ ਸਕਣ।

ਨਗਰ ਕੌਂਸਲ ਨਾਭਾ ਦੇ ਪ੍ਰਧਾਨ ਖ਼ਿਲਾਫ਼ ਕੌਂਸਲਰਾਂ ਨੇ ਬੇਭਰੋਸਗੀ ਮਤਾ ਪੇਸ਼ ਕਰਦਿਆਂ ਦੋਸ਼ ਲਾਇਆ ਕਿ ਸ਼ਹਿਰ ਦੇ ਵਿਕਾਸ ਕਾਰਜ ਰੁਕੇ ਹੋਏ ਹਨ ਅਤੇ ਉਨ੍ਹਾਂ ਦੀ ਕੋਈ ਸੁਣਵਾਈ ਨਹੀਂ ਹੋ ਰਹੀ। ਕੌਂਸਲਰਾਂ ਨੇ ਹਲਕਾ ਵਿਧਾਇਕ ਨੂੰ ਪ੍ਰਧਾਨ ਬਦਲਣ ਦੀ ਅਪੀਲ ਕੀਤੀ ਤਾਂ ਜੋ ਸ਼ਹਿਰ ਦੇ ਕੰਮ ਸੁਚਾਰੂ ਢੰਗ ਨਾਲ ਹੋ ਸਕਣ। ਇੱਥੇ ਮਾਲਵੇ ਵਿੱਚ ਪੰਜਾਬ ਸਰਕਾਰ ਵੱਲੋਂ ਅਧਿਆਪਕਾਂ ਦੀਆਂ ਮੰਗਾਂ ਨੂੰ ਲੈ ਕੇ ਮੀਟਿੰਗ ਦਾ ਸਮਾਂ ਦਿੱਤਾ ਗਿਆ ਸੀ ਪਰ ਮੀਟਿੰਗ ਦੀ ਥਾਂ ਪੁਲਿਸ ਨੇ ਅਧਿਆਪਕਾਂ ਨੂੰ ਜਬਰੀ ਚੁੱਕ ਲਿਆ ਅਤੇ ਉਨ੍ਹਾਂ ਨਾਲ ਮਾਰਕੁੱਟ ਕੀਤੀ। ਅਧਿਆਪਕ ਜਥੇਬੰਦੀਆਂ ਨੇ ਇਸ ਕਾਰਵਾਈ ਦੀ ਸਖ਼ਤ ਨਿੰਦਾ ਕੀਤੀ ਅਤੇ ਸੰਘਰਸ਼ ਤੇਜ਼ ਕਰਨ ਦਾ ਐਲਾਨ ਕੀਤਾ। ਉਨ੍ਹਾਂ ਕਿਹਾ ਕਿ ਸਰਕਾਰ ਵਾਅਦੇ ਤੋਂ ਮੁੱਕਰ ਰਹੀ ਹੈ।
ਖੂੰਖਾਰ ਕੁੱਤਿਆਂ ਦੇ ਝੁੰਡ ਨੇ 8 ਸਾਲਾਂ ਬੱਚੇ ਨੂੰ ਹਮਲਾ ਕਰਕੇ ਕੀਤਾ ਗੰਭੀਰ ਜ਼ਖ਼ਮੀ
ਪੰਜਾਬ ਟਾਈਮਜ਼ ਖ਼ਬਰ

ਅਹਿਮਦਗੜ੍ਹ, 26 ਅਗਸਤ (ਸੁਖਦਰਸ਼ਨ ਸਿੰਘ)- ਸ਼ਹਿਰ ਦੇ ਇਕ ਮੁਹੱਲੇ ਵਿੱਚ ਖੂੰਖਾਰ ਕੁੱਤਿਆਂ ਦੇ ਝੁੰਡ ਨੇ 8 ਸਾਲਾਂ ਬੱਚੇ ਉੱਤੇ ਹਮਲਾ ਕਰ ਦਿੱਤਾ ਜਿਸ ਕਾਰਨ ਉਹ ਗੰਭੀਰ ਜ਼ਖ਼ਮੀ ਹੋ ਗਿਆ। ਬੱਚੇ ਨੂੰ ਇਲਾਜ ਲਈ ਹਸਪਤਾਲ ਦਾਖ਼ਲ ਕਰਵਾਇਆ ਗਿਆ ਹੈ। ਲੋਕਾਂ ਨੇ ਪ੍ਰਸ਼ਾਸਨ ਤੋਂ ਮੰਗ ਕੀਤੀ ਕਿ ਆਵਾਰਾ ਕੁੱਤਿਆਂ ਦੀ ਸਮੱਸਿਆ ਦਾ ਤੁਰੰਤ ਹੱਲ ਕੀਤਾ ਜਾਵੇ।

ਸ਼ਹਿਰ ਦੇ ਇਕ ਮੁਹੱਲੇ ਵਿੱਚ ਖੂੰਖਾਰ ਕੁੱਤਿਆਂ ਦੇ ਝੁੰਡ ਨੇ 8 ਸਾਲਾਂ ਬੱਚੇ ਉੱਤੇ ਹਮਲਾ ਕਰ ਦਿੱਤਾ ਜਿਸ ਕਾਰਨ ਉਹ ਗੰਭੀਰ ਜ਼ਖ਼ਮੀ ਹੋ ਗਿਆ। ਬੱਚੇ ਨੂੰ ਇਲਾਜ ਲਈ ਹਸਪਤਾਲ ਦਾਖ਼ਲ ਕਰਵਾਇਆ ਗਿਆ ਹੈ। ਲੋਕਾਂ ਨੇ ਪ੍ਰਸ਼ਾਸਨ ਤੋਂ ਮੰਗ ਕੀਤੀ ਕਿ ਆਵਾਰਾ ਕੁੱਤਿਆਂ ਦੀ ਸਮੱਸਿਆ ਦਾ ਤੁਰੰਤ ਹੱਲ ਕੀਤਾ ਜਾਵੇ।

ਵਧਦੀ ਵਿਦੇਸ਼ੀ ਸਿੱਖਿਆ ਦੀ ਮੰਗ ਨੂੰ ਪੂਰਾ ਕਰਨ ਲਈ ਆਈ.ਈ.ਸੀ ਐਜੂਕੇਸ਼ਨ ਜਲੰਧਰ 'ਚ ਲਿਆਇਆ ਯੂਕੇ ਦੀਆਂ ਮੁੱਖ ਯੂਨੀਵਰਸਿਟੀਆਂ ਨੂੰ
ਜਲੰਧਰ, 26 ਅਗਸਤ (ਆਰ ਮੀਡੀਆ)- ਵਿਦਿਆਰਥੀਆਂ ਵਿੱਚ ਵਿਦੇਸ਼ੀ ਸਿੱਖਿਆ ਦੀ ਵਧਦੀ ਮੰਗ ਨੂੰ ਦੇਖਦਿਆਂ ਸੰਸਥਾ ਨੇ ਯੂਕੇ ਦੀਆਂ ਪ੍ਰਮੁੱਖ ਯੂਨੀਵਰਸਿਟੀਆਂ ਦੇ ਪ੍ਰਤੀਨਿਧੀਆਂ ਨਾਲ ਵਿਸ਼ੇਸ਼ ਸੈਮੀਨਾਰ ਕਰਵਾਇਆ ਜਿਸ ਵਿੱਚ ਵਿਦਿਆਰਥੀਆਂ ਨੂੰ ਦਾਖ਼ਲੇ ਅਤੇ ਵਜ਼ੀਫ਼ਿਆਂ ਬਾਰੇ ਜਾਣਕਾਰੀ ਦਿੱਤੀ ਗਈ। ਵਿਦਿਆਰਥੀਆਂ ਵਿੱਚ ਵਿਦੇਸ਼ੀ ਸਿੱਖਿਆ ਦੀ ਵਧਦੀ ਮੰਗ ਨੂੰ ਦੇਖਦਿਆਂ ਸੰਸਥਾ ਨੇ ਯੂਕੇ ਦੀਆਂ ਪ੍ਰਮੁੱਖ ਯੂਨੀਵਰਸਿਟੀਆਂ ਦੇ ਪ੍ਰਤੀਨਿਧੀਆਂ ਨਾਲ ਵਿਸ਼ੇਸ਼ ਸੈਮੀਨਾਰ ਕਰਵਾਇਆ ਜਿਸ ਵਿੱਚ ਵਿਦਿਆਰਥੀਆਂ ਨੂੰ ਦਾਖ਼ਲੇ ਅਤੇ ਵਜ਼ੀਫ਼ਿਆਂ ਬਾਰੇ ਜਾਣਕਾਰੀ ਦਿੱਤੀ ਗਈ।
ਸਬ ਤਹਿਸੀਲ ਮਾਛੀਵਾੜਾ ਸਾਹਿਬ 'ਚ ਐੱਨ ਓ ਸੀ ਦਾ ਭੰਬਲਭੂਸਾ ਪਾ ਕੇ ਕੀਤਾ ਜਾ ਰਿਹੈ ਲੋਕਾਂ ਨੂੰ ਪ੍ਰੇਸ਼ਾਨ
» ਈਜ਼ੀ ਰਜਿਸਟਰੀ ਕੇਂਦਰ ਤੋਂ ਲੋਕ ਅਣਜਾਣ

ਸ੍ਰੀ ਮਾਛੀਵਾੜਾ ਸਾਹਿਬ, 26 ਅਗਸਤ (ਗੁਰਪ੍ਰੀਤ ਸਿੰਘ)- ਪੰਜਾਬ ਸਰਕਾਰ ਵੱਲੋਂ ਰਜਿਸਟਰੀਆਂ ਲਈ ਐੱਨ.ਓ.ਸੀ ਦੀ ਸ਼ਰਤ ਖ਼ਤਮ ਕਰਨ ਦੇ ਐਲਾਨ ਦੇ ਬਾਵਜੂਦ ਸਬ ਤਹਿਸੀਲ ਵਿੱਚ ਲੋਕਾਂ ਨੂੰ ਭੰਬਲਭੂਸੇ ਵਿੱਚ ਪਾ ਕੇ ਪ੍ਰੇਸ਼ਾਨ ਕੀਤਾ ਜਾ ਰਿਹਾ ਹੈ। ਲੋਕਾਂ ਨੇ ਦੋਸ਼ ਲਾਇਆ ਕਿ ਉਨ੍ਹਾਂ ਨੂੰ ਵਾਰ-ਵਾਰ ਚੱਕਰ ਕਟਵਾਏ ਜਾਂਦੇ ਹਨ ਅਤੇ ਈਜ਼ੀ ਰਜਿਸਟਰੀ ਕੇਂਦਰ ਬਾਰੇ ਕੋਈ ਜਾਣਕਾਰੀ ਨਹੀਂ ਦਿੱਤੀ ਜਾਂਦੀ। ਲੋਕਾਂ ਨੇ ਸਰਕਾਰ ਤੋਂ ਮਾਮਲੇ ਦੀ ਜਾਂਚ ਦੀ ਮੰਗ ਕੀਤੀ।

ਪੰਜਾਬ ਸਰਕਾਰ ਵੱਲੋਂ ਰਜਿਸਟਰੀਆਂ ਲਈ ਐੱਨ.ਓ.ਸੀ ਦੀ ਸ਼ਰਤ ਖ਼ਤਮ ਕਰਨ ਦੇ ਐਲਾਨ ਦੇ ਬਾਵਜੂਦ ਸਬ ਤਹਿਸੀਲ ਵਿੱਚ ਲੋਕਾਂ ਨੂੰ ਭੰਬਲਭੂਸੇ ਵਿੱਚ ਪਾ ਕੇ ਪ੍ਰੇਸ਼ਾਨ ਕੀਤਾ ਜਾ ਰਿਹਾ ਹੈ। ਲੋਕਾਂ ਨੇ ਦੋਸ਼ ਲਾਇਆ ਕਿ ਉਨ੍ਹਾਂ ਨੂੰ ਵਾਰ-ਵਾਰ ਚੱਕਰ ਕਟਵਾਏ ਜਾਂਦੇ ਹਨ ਅਤੇ ਈਜ਼ੀ ਰਜਿਸਟਰੀ ਕੇਂਦਰ ਬਾਰੇ ਕੋਈ ਜਾਣਕਾਰੀ ਨਹੀਂ ਦਿੱਤੀ ਜਾਂਦੀ। ਲੋਕਾਂ ਨੇ ਸਰਕਾਰ ਤੋਂ ਮਾਮਲੇ ਦੀ ਜਾਂਚ ਦੀ ਮੰਗ ਕੀਤੀ। ਪੰਜਾਬ ਸਰਕਾਰ ਵੱਲੋਂ ਰਜਿਸਟਰੀਆਂ ਲਈ ਐੱਨ.ਓ.ਸੀ ਦੀ ਸ਼ਰਤ ਖ਼ਤਮ ਕਰਨ ਦੇ ਐਲਾਨ ਦੇ ਬਾਵਜੂਦ ਸਬ ਤਹਿਸੀਲ ਵਿੱਚ ਲੋਕਾਂ ਨੂੰ ਭੰਬਲਭੂਸੇ ਵਿੱਚ ਪਾ ਕੇ ਪ੍ਰੇਸ਼ਾਨ ਕੀਤਾ ਜਾ ਰਿਹਾ ਹੈ। ਲੋਕਾਂ ਨੇ ਦੋਸ਼ ਲਾਇਆ ਕਿ ਉਨ੍ਹਾਂ ਨੂੰ ਵਾਰ-ਵਾਰ ਚੱਕਰ ਕਟਵਾਏ ਜਾਂਦੇ ਹਨ ਅਤੇ ਈਜ਼ੀ ਰਜਿਸਟਰੀ ਕੇਂਦਰ ਬਾਰੇ ਕੋਈ ਜਾਣਕਾਰੀ ਨਹੀਂ ਦਿੱਤੀ ਜਾਂਦੀ। ਲੋਕਾਂ ਨੇ ਸਰਕਾਰ ਤੋਂ ਮਾਮਲੇ ਦੀ ਜਾਂਚ ਦੀ ਮੰਗ ਕੀਤੀ। ਸ਼ਹਿਰ ਦੇ ਇਕ ਮੁਹੱਲੇ ਵਿੱਚ ਖੂੰਖਾਰ ਕੁੱਤਿਆਂ ਦੇ ਝੁੰਡ ਨੇ 8 ਸਾਲਾਂ ਬੱਚੇ ਉੱਤੇ ਹਮਲਾ ਕਰ ਦਿੱਤਾ ਜਿਸ ਕਾਰਨ ਉਹ ਗੰਭੀਰ ਜ਼ਖ਼ਮੀ ਹੋ ਗਿਆ। ਬੱਚੇ ਨੂੰ ਇਲਾਜ ਲਈ ਹਸਪਤਾਲ ਦਾਖ਼ਲ ਕਰਵਾਇਆ ਗਿਆ ਹੈ। ਲੋਕਾਂ ਨੇ ਪ੍ਰਸ਼ਾਸਨ ਤੋਂ ਮੰਗ ਕੀਤੀ ਕਿ ਆਵਾਰਾ ਕੁੱਤਿਆਂ ਦੀ ਸਮੱਸਿਆ ਦਾ ਤੁਰੰਤ ਹੱਲ ਕੀਤਾ ਜਾਵੇ।
ਨੇਕਸਟਰਾ ਬਾਏ ਏਅਰਟੈਲ ਨੇ ਵਿੱਤੀ ਸਾਲ 2024-25 ਦੇ ਲਈ ਜਾਰੀ ਕੀਤੀ ਸਥਿਰਤਾ ਰਿਪੋਰਟ

ਚੰਡੀਗੜ੍ਹ, 26 ਅਗਸਤ (ਆਰ ਮੀਡੀਆ)- ਕੰਪਨੀ ਨੇ ਆਪਣੀ ਸਾਲਾਨਾ ਸਥਿਰਤਾ ਰਿਪੋਰਟ ਜਾਰੀ ਕਰਦਿਆਂ ਦੱਸਿਆ ਕਿ ਡਾਟਾ ਸੈਂਟਰਾਂ ਵਿੱਚ ਨਵਿਆਉਣਯੋਗ ਊਰਜਾ ਦੀ ਵਰਤੋਂ ਵਧਾਈ ਗਈ ਹੈ ਅਤੇ ਕਾਰਬਨ ਨਿਕਾਸੀ ਘਟਾਉਣ ਦੇ ਟੀਚੇ ਵੱਲ ਅਹਿਮ ਕਦਮ ਚੁੱਕੇ ਗਏ ਹਨ।

nxtra
by airtel

ਕੰਪਨੀ ਨੇ ਆਪਣੀ ਸਾਲਾਨਾ ਸਥਿਰਤਾ ਰਿਪੋਰਟ ਜਾਰੀ ਕਰਦਿਆਂ ਦੱਸਿਆ ਕਿ ਡਾਟਾ ਸੈਂਟਰਾਂ ਵਿੱਚ ਨਵਿਆਉਣਯੋਗ ਊਰਜਾ ਦੀ ਵਰਤੋਂ ਵਧਾਈ ਗਈ ਹੈ ਅਤੇ ਕਾਰਬਨ ਨਿਕਾਸੀ ਘਟਾਉਣ ਦੇ ਟੀਚੇ ਵੱਲ ਅਹਿਮ ਕਦਮ ਚੁੱਕੇ ਗਏ ਹਨ।

ਤਕਾਸ਼ ਨੂੰ ਹੋਰ ਹੁਨਰਮੰਦ ਬਣਾਉਣ ਲਈ ਵਿਸ਼ੇਸ਼ ਕਾਰਜਸ਼ਾਲਾ, ਨਵੇਂ ਪੇਸ਼ੇਵਰ ਕੋਰਸਾਂ ਦੀ ਸ਼ੁਰੂਆਤ

ਚੰਡੀਗੜ੍ਹ, 26 ਅਗਸਤ (ਆਰ ਮੀਡੀਆ)- ਸੰਸਥਾ ਵੱਲੋਂ ਨੌਜਵਾਨਾਂ ਨੂੰ ਰੁਜ਼ਗਾਰ ਦੇ ਯੋਗ ਬਣਾਉਣ ਲਈ ਨਵੇਂ ਕੋਰਸ ਸ਼ੁਰੂ ਕੀਤੇ ਗਏ ਹਨ ਜਿਨ੍ਹਾਂ ਵਿੱਚ ਆਧੁਨਿਕ ਤਕਨੀਕ ਦੀ ਸਿਖਲਾਈ ਦਿੱਤੀ ਜਾਵੇਗੀ।

ਸੀ.ਆਰ.ਆਈ ਪੰਪਸ ਨੇ ਮਹਾਰਾਸ਼ਟਰ ਵਿੱਚ ਪੀ.ਐੱਮ-ਕੁਸੁਮ ਯੋਜਨਾ ਅਧੀਨ 10,714 ਸੋਲਰ ਪੰਪਿੰਗ ਪ੍ਰਣਾਲੀਆਂ ਲਈ 320 ਕਰੋੜ ਰੁਪਏ ਦਾ ਆਰਡਰ ਹਾਸਲ ਕੀਤਾ
320 ਕਰੋੜ ਰੁਪਏ ਕੀਮਤ ਦੀ ਸੋਲਰ ਪੰਪਿੰਗ ਪ੍ਰਣਾਲੀ

ਸ੍ਰੀ ਅਨੰਦਪੁਰ ਸਾਹਿਬ, 26 ਅਗਸਤ (ਮੀਡੀਆ ਟੀਮ)- ਕੰਪਨੀ ਨੂੰ ਮਿਲੇ ਇਸ ਆਰਡਰ ਅਧੀਨ ਕਿਸਾਨਾਂ ਦੇ ਖੇਤਾਂ ਵਿੱਚ ਸੋਲਰ ਪੰਪ ਲਗਾਏ ਜਾਣਗੇ ਜਿਸ ਨਾਲ ਬਿਜਲੀ ਦੀ ਬੱਚਤ ਹੋਵੇਗੀ ਅਤੇ ਸਿੰਚਾਈ ਸੌਖੀ ਹੋਵੇਗੀ।

ਉਜੀਵਨ ਐਸਐਫਬੀ ਨੇ ਆਪਣੇ ਮੈਕਸਿਮਾ ਕਰੰਟ ਖਾਤਾ ਧਾਰਕਾਂ ਲਈ ਉਜੀਵਨ ਸਵਾਈਪ ਸਮਾਰਟ ਲਾਂਚ ਕੀਤਾ

ਚੰਡੀਗੜ੍ਹ, 26 ਅਗਸਤ (ਆਰ ਮੀਡੀਆ)- ਬੈਂਕ ਨੇ ਕਾਰੋਬਾਰੀਆਂ ਲਈ ਨਵੀਂ ਡਿਜ਼ੀਟਲ ਭੁਗਤਾਨ ਸਹੂਲਤ ਸ਼ੁਰੂ ਕੀਤੀ ਹੈ ਜਿਸ ਨਾਲ ਦੁਕਾਨਦਾਰ ਕਾਰਡ ਅਤੇ ਯੂਪੀਆਈ ਰਾਹੀਂ ਭੁਗਤਾਨ ਆਸਾਨੀ ਨਾਲ ਪ੍ਰਾਪਤ ਕਰ ਸਕਣਗੇ।

UJJIVAN
SMALL FINANCE BANK

ਬੈਂਕ ਨੇ ਕਾਰੋਬਾਰੀਆਂ ਲਈ ਨਵੀਂ ਡਿਜ਼ੀਟਲ ਭੁਗਤਾਨ ਸਹੂਲਤ ਸ਼ੁਰੂ ਕੀਤੀ ਹੈ ਜਿਸ ਨਾਲ ਦੁਕਾਨਦਾਰ ਕਾਰਡ ਅਤੇ ਯੂਪੀਆਈ ਰਾਹੀਂ ਭੁਗਤਾਨ ਆਸਾਨੀ ਨਾਲ ਪ੍ਰਾਪਤ ਕਰ ਸਕਣਗੇ।

C K	C K
